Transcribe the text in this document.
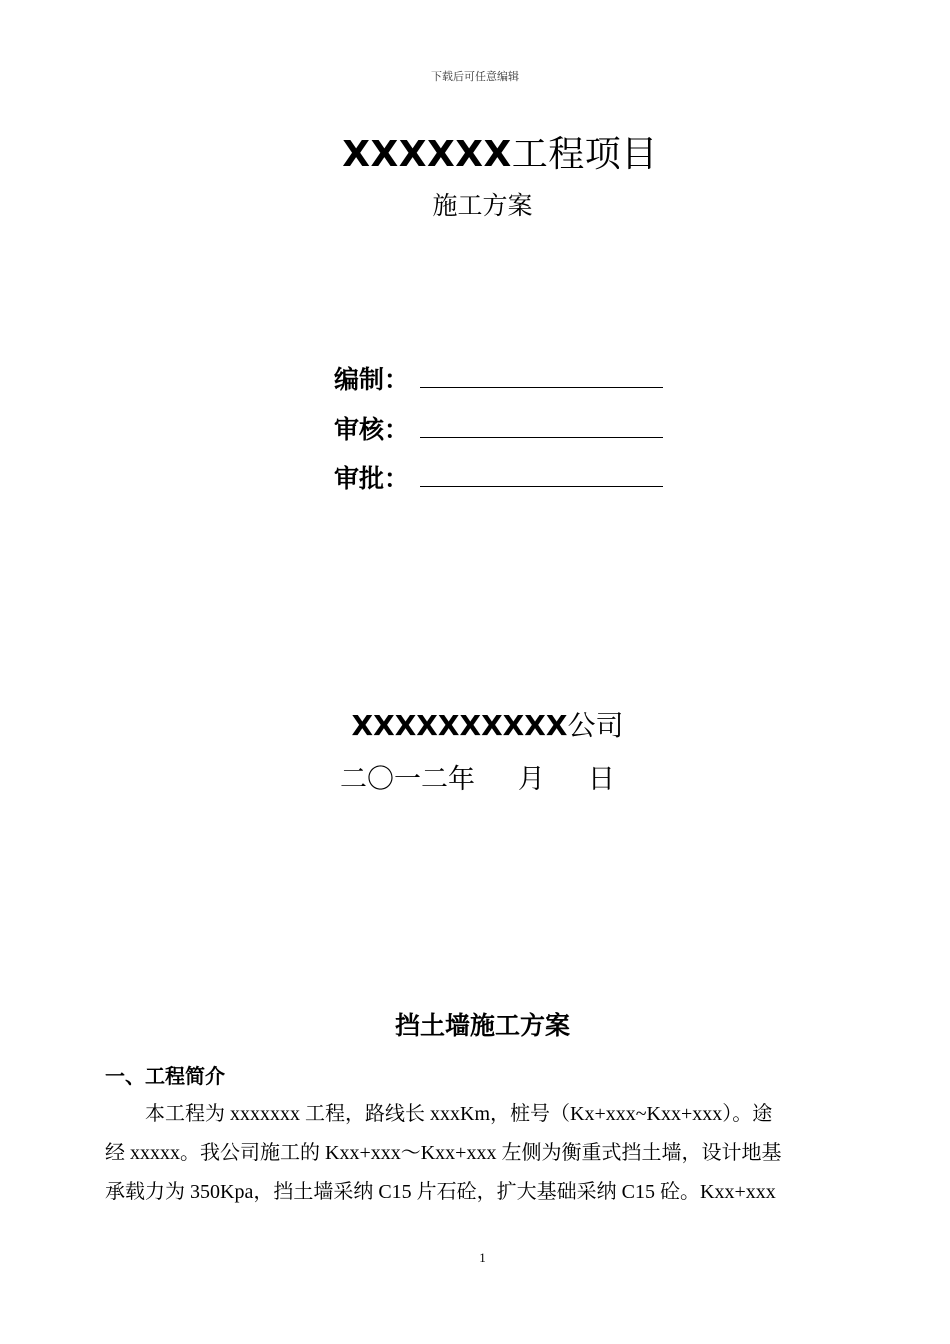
下载后可任意编辑
XXXXXX工程项目
施工方案
编制：
审核：
审批：
XXXXXXXXXX公司
二〇一二年     月     日
挡土墙施工方案
一、工程简介
　　本工程为 xxxxxxx 工程，路线长 xxxKm，桩号（Kx+xxx~Kxx+xxx）。途
经 xxxxx。我公司施工的 Kxx+xxx～Kxx+xxx 左侧为衡重式挡土墙，设计地基
承载力为 350Kpa，挡土墙采纳 C15 片石砼，扩大基础采纳 C15 砼。Kxx+xxx
1
